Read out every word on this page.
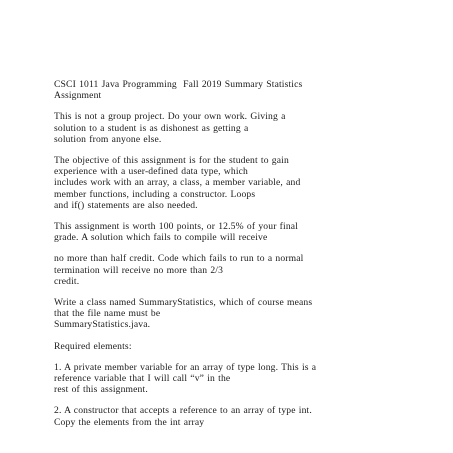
CSCI 1011 Java Programming  Fall 2019 Summary Statistics
Assignment
This is not a group project. Do your own work. Giving a
solution to a student is as dishonest as getting a
solution from anyone else.
The objective of this assignment is for the student to gain
experience with a user-defined data type, which
includes work with an array, a class, a member variable, and
member functions, including a constructor. Loops
and if() statements are also needed.
This assignment is worth 100 points, or 12.5% of your final
grade. A solution which fails to compile will receive
no more than half credit. Code which fails to run to a normal
termination will receive no more than 2/3
credit.
Write a class named SummaryStatistics, which of course means
that the file name must be
SummaryStatistics.java.
Required elements:
1. A private member variable for an array of type long. This is a
reference variable that I will call “v” in the
rest of this assignment.
2. A constructor that accepts a reference to an array of type int.
Copy the elements from the int array
